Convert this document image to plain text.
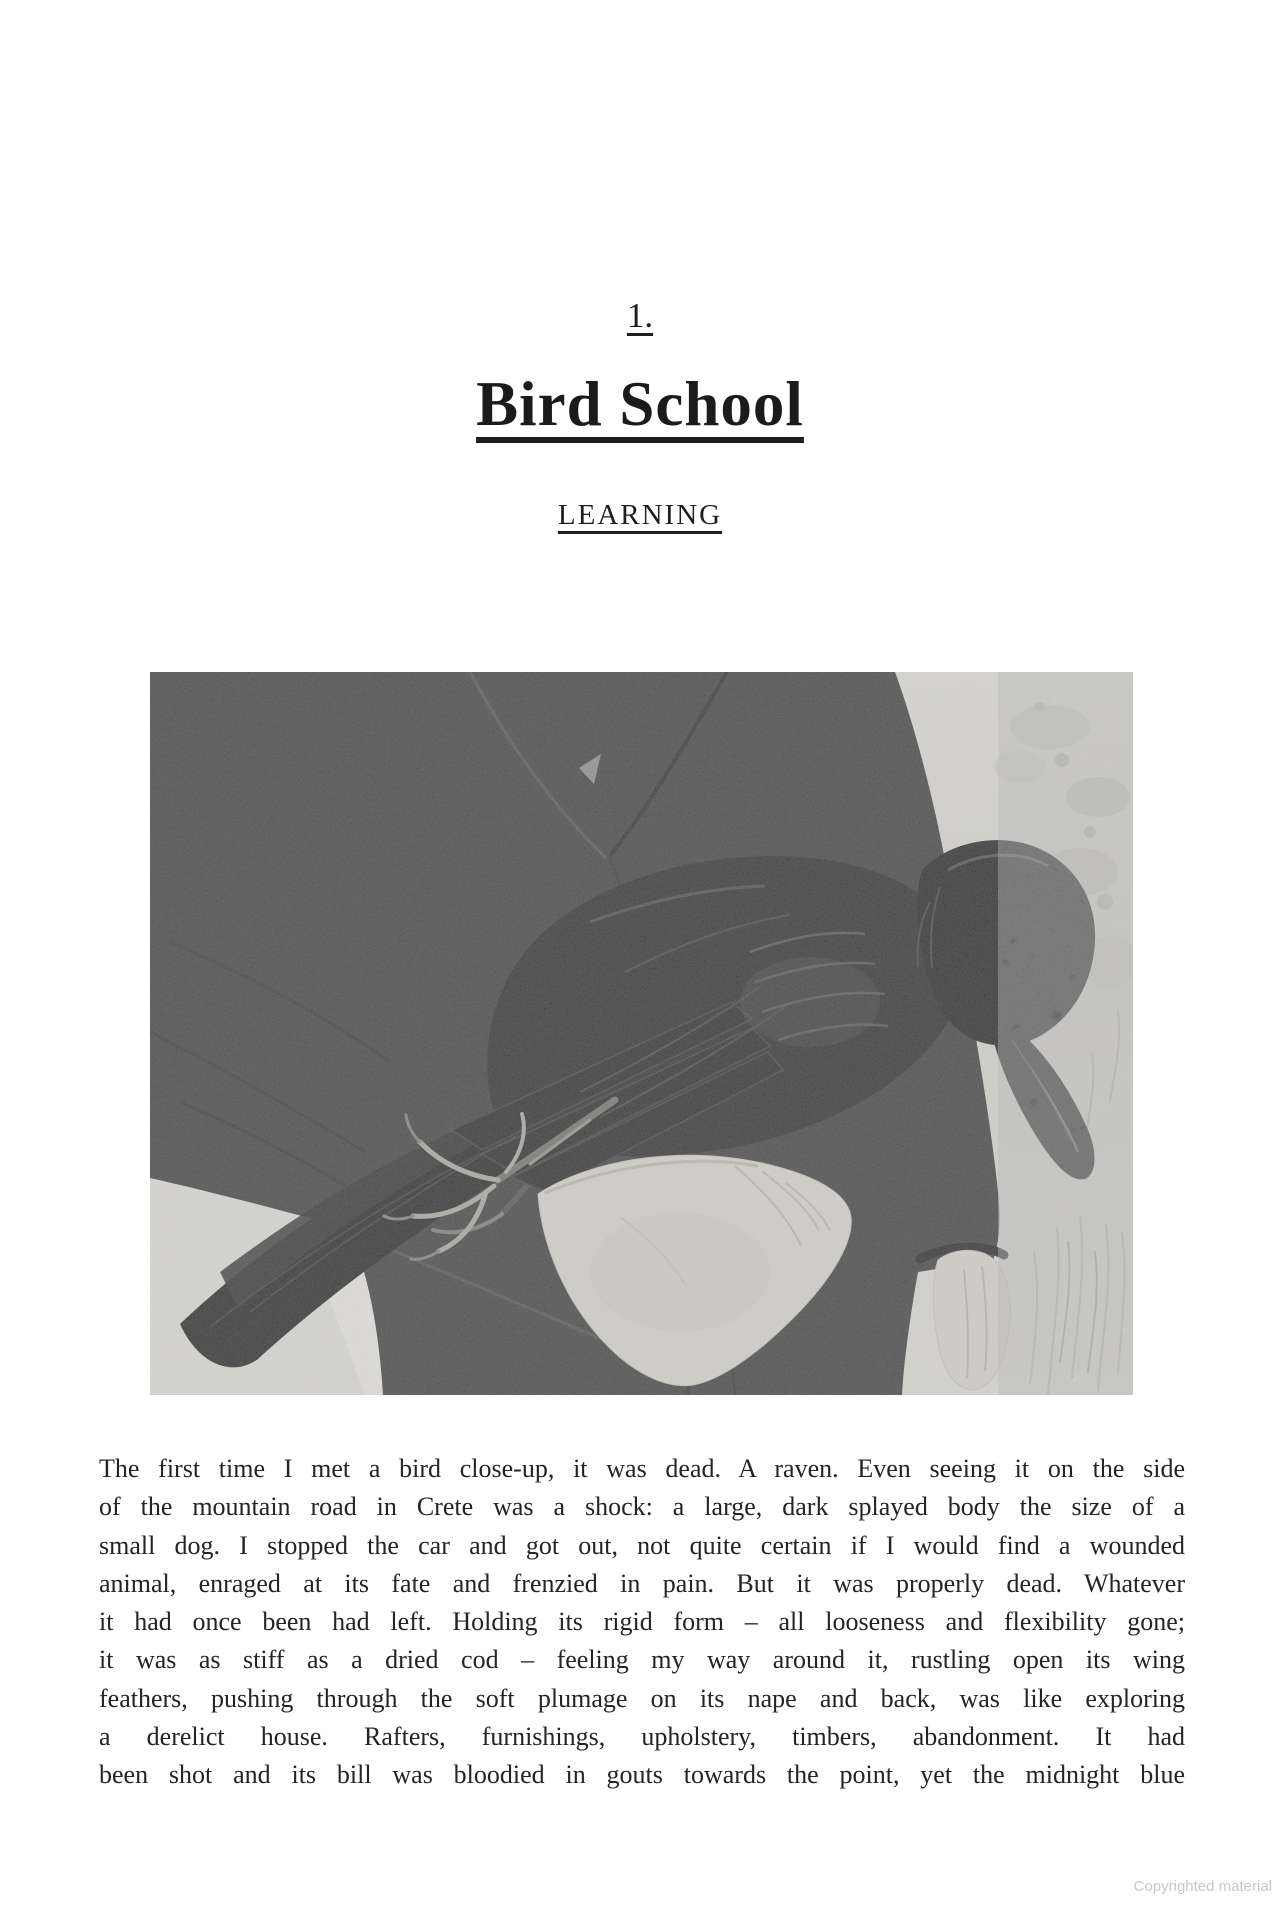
1.
Bird School
LEARNING
The first time I met a bird close-up, it was dead. A raven. Even seeing it on the side
of the mountain road in Crete was a shock: a large, dark splayed body the size of a
small dog. I stopped the car and got out, not quite certain if I would find a wounded
animal, enraged at its fate and frenzied in pain. But it was properly dead. Whatever
it had once been had left. Holding its rigid form – all looseness and flexibility gone;
it was as stiff as a dried cod – feeling my way around it, rustling open its wing
feathers, pushing through the soft plumage on its nape and back, was like exploring
a derelict house. Rafters, furnishings, upholstery, timbers, abandonment. It had
been shot and its bill was bloodied in gouts towards the point, yet the midnight blue
Copyrighted material
